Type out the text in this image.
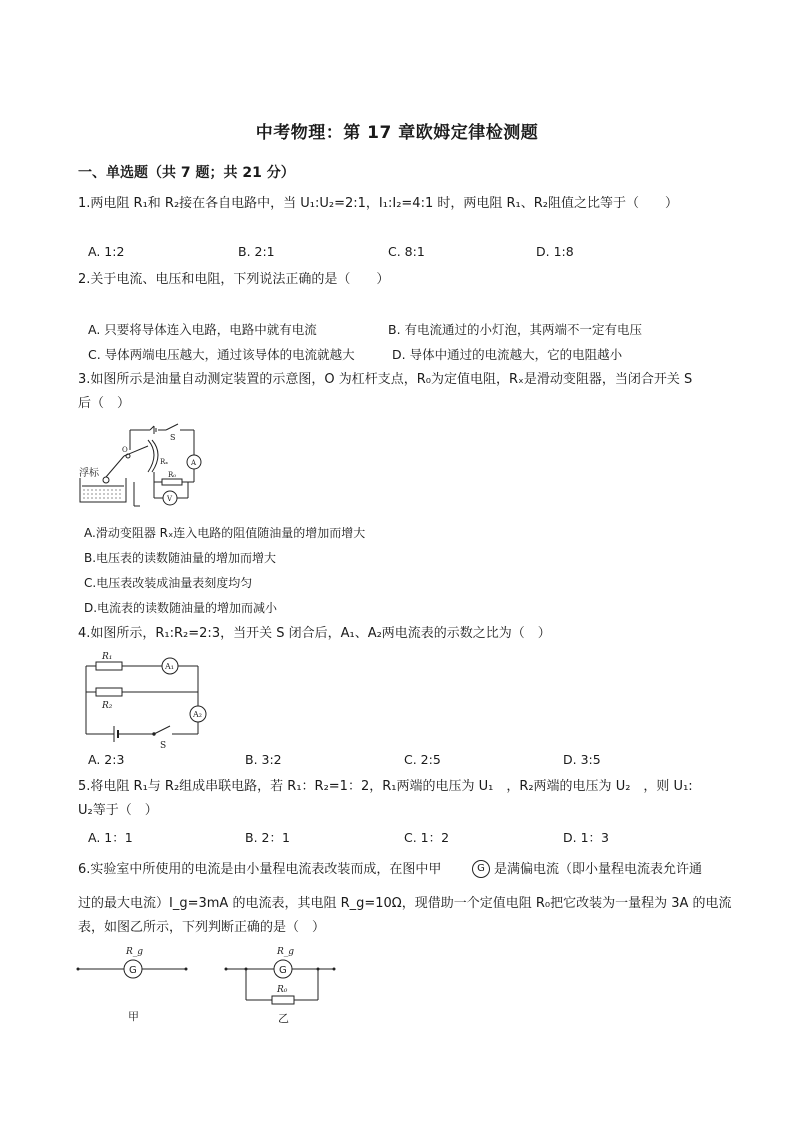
中考物理：第 17 章欧姆定律检测题
一、单选题（共 7 题；共 21 分）
1.两电阻 R₁和 R₂接在各自电路中，当 U₁:U₂=2:1，I₁:I₂=4:1 时，两电阻 R₁、R₂阻值之比等于（　　）
A. 1:2	B. 2:1	C. 8:1	D. 1:8
2.关于电流、电压和电阻，下列说法正确的是（　　）
A. 只要将导体连入电路，电路中就有电流	B. 有电流通过的小灯泡，其两端不一定有电压
C. 导体两端电压越大，通过该导体的电流就越大	D. 导体中通过的电流越大，它的电阻越小
3.如图所示是油量自动测定装置的示意图，O 为杠杆支点，R₀为定值电阻，Rₓ是滑动变阻器，当闭合开关 S
后（　）
浮标
O
S
Rₓ
R₀
A
V
A.滑动变阻器 Rₓ连入电路的阻值随油量的增加而增大
B.电压表的读数随油量的增加而增大
C.电压表改装成油量表刻度均匀
D.电流表的读数随油量的增加而减小
4.如图所示，R₁:R₂=2:3，当开关 S 闭合后，A₁、A₂两电流表的示数之比为（　）
R₁
R₂
A₁
A₂
S
A. 2:3	B. 3:2	C. 2:5	D. 3:5
5.将电阻 R₁与 R₂组成串联电路，若 R₁：R₂=1：2，R₁两端的电压为 U₁　，R₂两端的电压为 U₂　，则 U₁:
U₂等于（　）
A. 1：1	B. 2：1	C. 1：2	D. 1：3
6.实验室中所使用的电流是由小量程电流表改装而成，在图中甲	G 是满偏电流（即小量程电流表允许通
过的最大电流）I_g=3mA 的电流表，其电阻 R_g=10Ω，现借助一个定值电阻 R₀把它改装为一量程为 3A 的电流
表，如图乙所示，下列判断正确的是（　）
R_g
G
甲
R_g
G
R₀
乙
